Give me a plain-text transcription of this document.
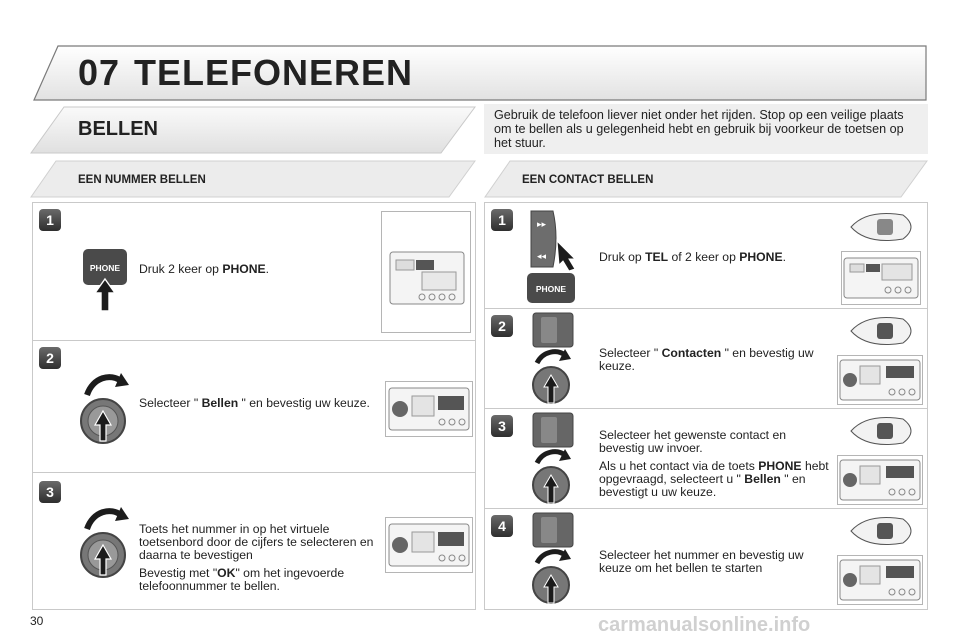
07 TELEFONEREN
BELLEN
Gebruik de telefoon liever niet onder het rijden. Stop op een veilige plaats om te bellen als u gelegenheid hebt en gebruik bij voorkeur de toetsen op het stuur.
EEN NUMMER BELLEN	EEN CONTACT BELLEN
1
PHONE Druk 2 keer op PHONE.
2
Selecteer " Bellen " en bevestig uw keuze.
3
Toets het nummer in op het virtuele toetsenbord door de cijfers te selecteren en daarna te bevestigen
Bevestig met "OK" om het ingevoerde telefoonnummer te bellen.
1	▸▸
◂◂
PHONE
Druk op TEL of 2 keer op PHONE.
2
Selecteer " Contacten " en bevestig uw keuze.
3
Selecteer het gewenste contact en bevestig uw invoer.
Als u het contact via de toets PHONE hebt opgevraagd, selecteert u " Bellen " en bevestigt u uw keuze.
4
Selecteer het nummer en bevestig uw keuze om het bellen te starten
30	carmanualsonline.info
